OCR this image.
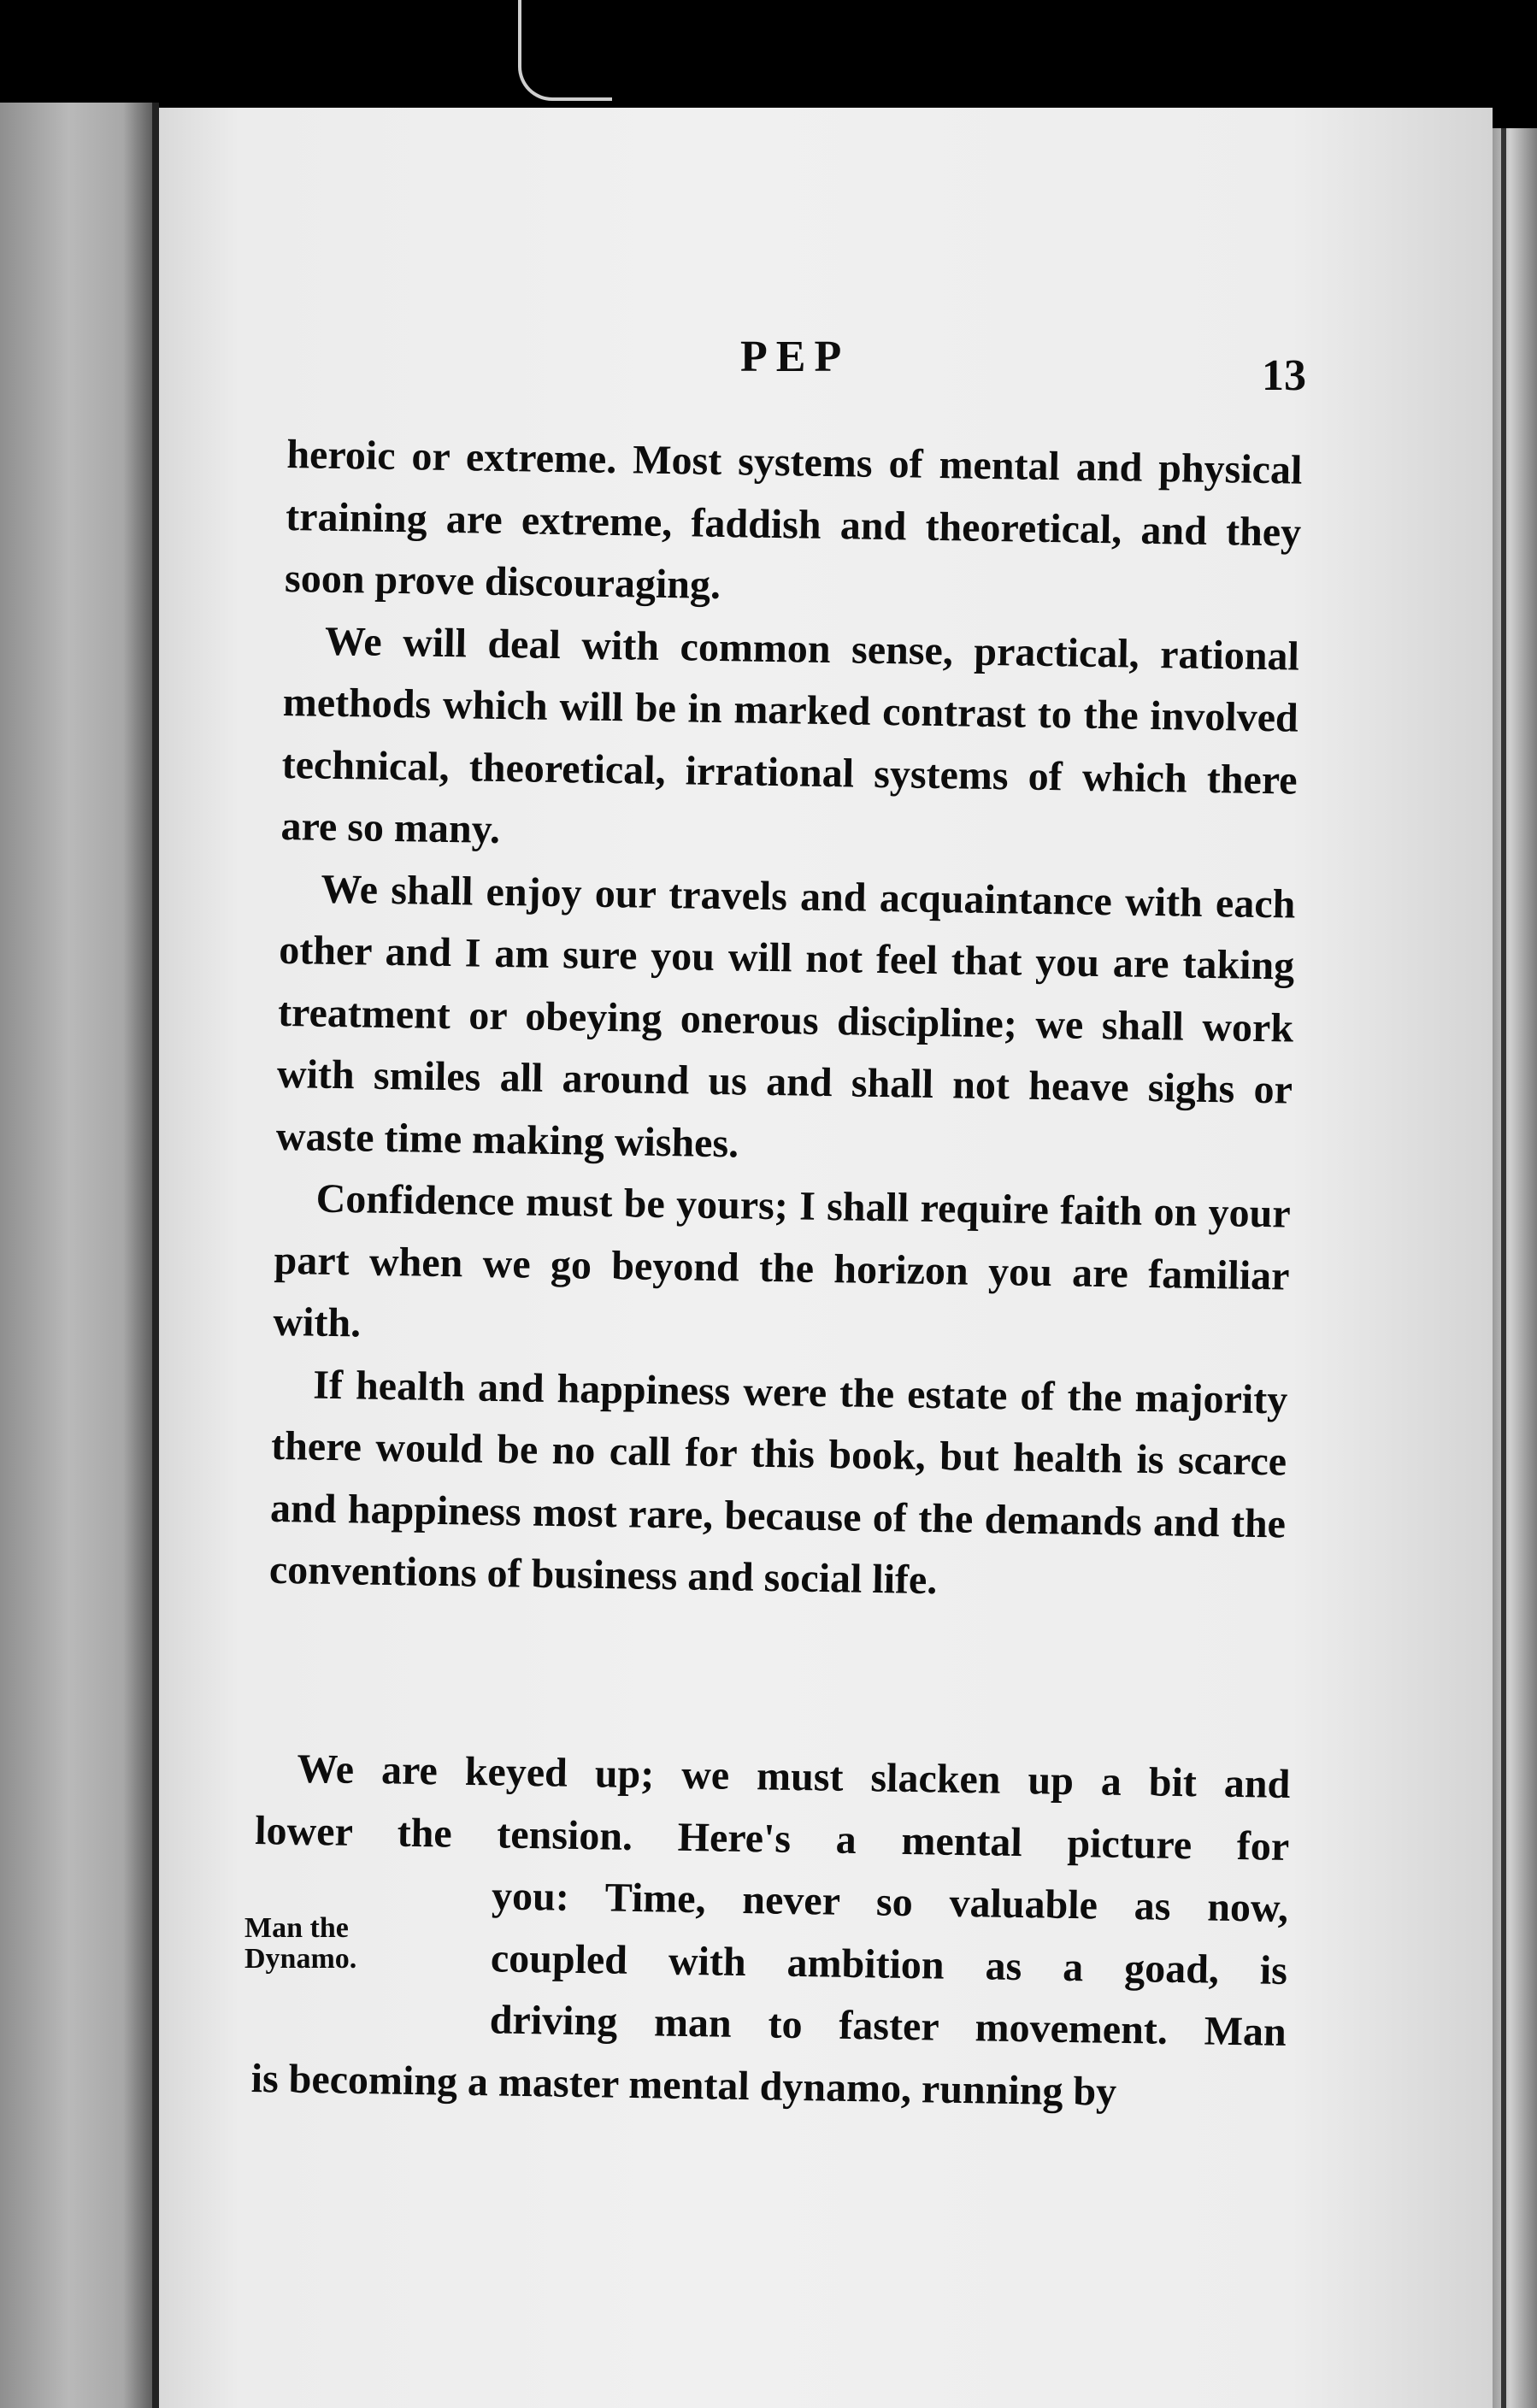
PEP	13

heroic or extreme. Most systems of mental and physical training are extreme, faddish and theoretical, and they soon prove discouraging.

We will deal with common sense, practical, rational methods which will be in marked contrast to the involved technical, theoretical, irrational systems of which there are so many.

We shall enjoy our travels and acquaintance with each other and I am sure you will not feel that you are taking treatment or obeying onerous discipline; we shall work with smiles all around us and shall not heave sighs or waste time making wishes.

Confidence must be yours; I shall require faith on your part when we go beyond the horizon you are familiar with.

If health and happiness were the estate of the majority there would be no call for this book, but health is scarce and happiness most rare, because of the demands and the conventions of business and social life.

We are keyed up; we must slacken up a bit and
lower the tension. Here's a mental picture for
you: Time, never so valuable as now,
coupled with ambition as a goad, is
driving man to faster movement. Man
is becoming a master mental dynamo, running by
Man the
Dynamo.
